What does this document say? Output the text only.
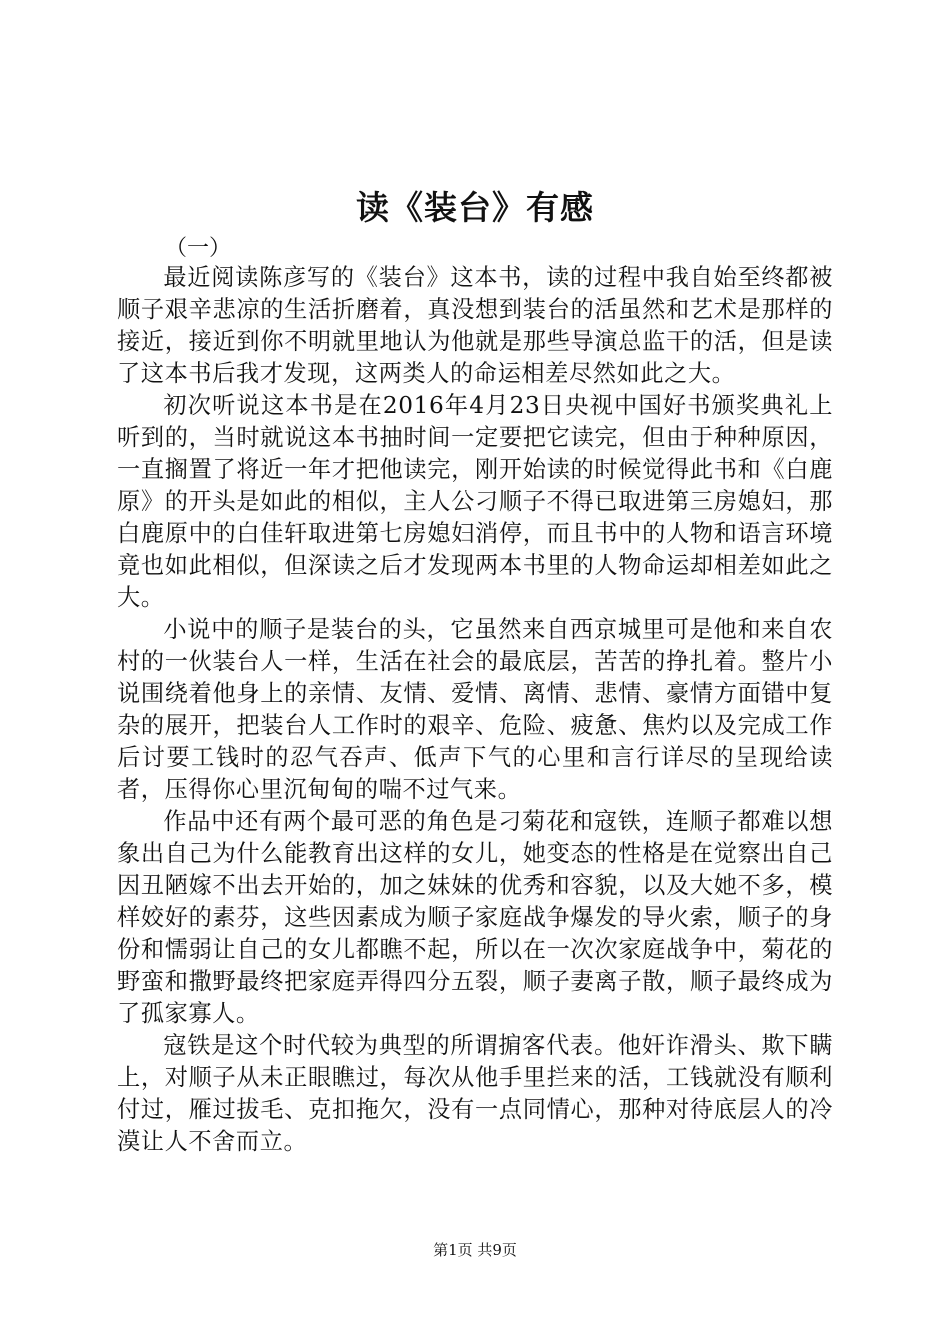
读《装台》有感
（一）

最近阅读陈彦写的《装台》这本书，读的过程中我自始至终都被顺子艰辛悲凉的生活折磨着，真没想到装台的活虽然和艺术是那样的接近，接近到你不明就里地认为他就是那些导演总监干的活，但是读了这本书后我才发现，这两类人的命运相差尽然如此之大。

初次听说这本书是在2016年4月23日央视中国好书颁奖典礼上听到的，当时就说这本书抽时间一定要把它读完，但由于种种原因，一直搁置了将近一年才把他读完，刚开始读的时候觉得此书和《白鹿原》的开头是如此的相似，主人公刁顺子不得已取进第三房媳妇，那白鹿原中的白佳轩取进第七房媳妇消停，而且书中的人物和语言环境竟也如此相似，但深读之后才发现两本书里的人物命运却相差如此之大。

小说中的顺子是装台的头，它虽然来自西京城里可是他和来自农村的一伙装台人一样，生活在社会的最底层，苦苦的挣扎着。整片小说围绕着他身上的亲情、友情、爱情、离情、悲情、豪情方面错中复杂的展开，把装台人工作时的艰辛、危险、疲惫、焦灼以及完成工作后讨要工钱时的忍气吞声、低声下气的心里和言行详尽的呈现给读者，压得你心里沉甸甸的喘不过气来。

作品中还有两个最可恶的角色是刁菊花和寇铁，连顺子都难以想象出自己为什么能教育出这样的女儿，她变态的性格是在觉察出自己因丑陋嫁不出去开始的，加之妹妹的优秀和容貌，以及大她不多，模样姣好的素芬，这些因素成为顺子家庭战争爆发的导火索，顺子的身份和懦弱让自己的女儿都瞧不起，所以在一次次家庭战争中，菊花的野蛮和撒野最终把家庭弄得四分五裂，顺子妻离子散，顺子最终成为了孤家寡人。

寇铁是这个时代较为典型的所谓掮客代表。他奸诈滑头、欺下瞒上，对顺子从未正眼瞧过，每次从他手里拦来的活，工钱就没有顺利付过，雁过拔毛、克扣拖欠，没有一点同情心，那种对待底层人的冷漠让人不舍而立。

第1页 共9页
